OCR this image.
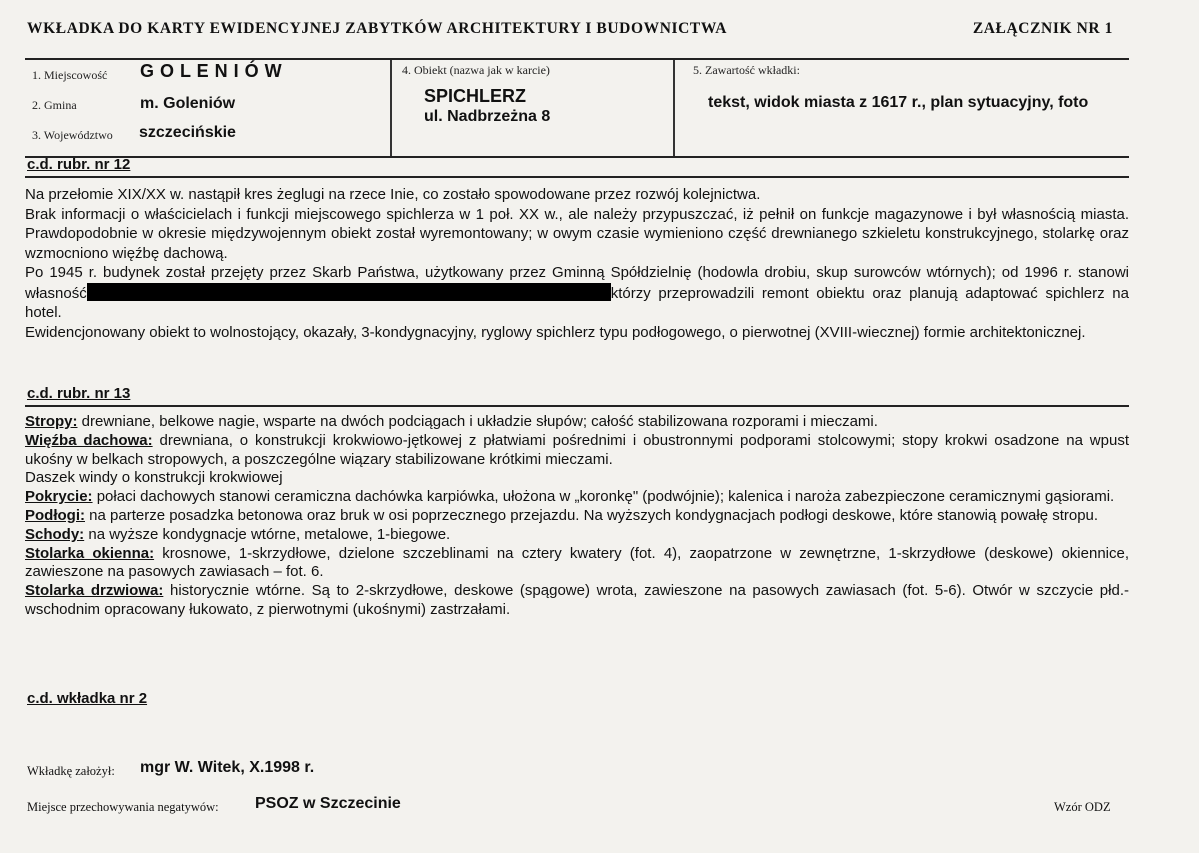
WKŁADKA DO KARTY EWIDENCYJNEJ ZABYTKÓW ARCHITEKTURY I BUDOWNICTWA	ZAŁĄCZNIK NR 1
1. Miejscowość G O L E N I Ó W
2. Gmina	m. Goleniów
3. Województwo szczecińskie
4. Obiekt (nazwa jak w karcie)
SPICHLERZ
ul. Nadbrzeżna 8
5. Zawartość wkładki:
tekst, widok miasta z 1617 r., plan sytuacyjny, foto
c.d. rubr. nr 12

Na przełomie XIX/XX w. nastąpił kres żeglugi na rzece Inie, co zostało spowodowane przez rozwój kolejnictwa.

Brak informacji o właścicielach i funkcji miejscowego spichlerza w 1 poł. XX w., ale należy przypuszczać, iż pełnił on funkcje magazynowe i był własnością miasta. Prawdopodobnie w okresie międzywojennym obiekt został wyremontowany; w owym czasie wymieniono część drewnianego szkieletu konstrukcyjnego, stolarkę oraz wzmocniono więźbę dachową.

Po 1945 r. budynek został przejęty przez Skarb Państwa, użytkowany przez Gminną Spółdzielnię (hodowla drobiu, skup surowców wtórnych); od 1996 r. stanowi własność	którzy przeprowadzili remont obiektu oraz planują adaptować spichlerz na hotel.

Ewidencjonowany obiekt to wolnostojący, okazały, 3-kondygnacyjny, ryglowy spichlerz typu podłogowego, o pierwotnej (XVIII-wiecznej) formie architektonicznej.

c.d. rubr. nr 13

Stropy: drewniane, belkowe nagie, wsparte na dwóch podciągach i układzie słupów; całość stabilizowana rozporami i mieczami.

Więźba dachowa: drewniana, o konstrukcji krokwiowo-jętkowej z płatwiami pośrednimi i obustronnymi podporami stolcowymi; stopy krokwi osadzone na wpust ukośny w belkach stropowych, a poszczególne wiązary stabilizowane krótkimi mieczami.

Daszek windy o konstrukcji krokwiowej

Pokrycie: połaci dachowych stanowi ceramiczna dachówka karpiówka, ułożona w „koronkę" (podwójnie); kalenica i naroża zabezpieczone ceramicznymi gąsiorami.

Podłogi: na parterze posadzka betonowa oraz bruk w osi poprzecznego przejazdu. Na wyższych kondygnacjach podłogi deskowe, które stanowią powałę stropu.

Schody: na wyższe kondygnacje wtórne, metalowe, 1-biegowe.

Stolarka okienna: krosnowe, 1-skrzydłowe, dzielone szczeblinami na cztery kwatery (fot. 4), zaopatrzone w zewnętrzne, 1-skrzydłowe (deskowe) okiennice, zawieszone na pasowych zawiasach – fot. 6.

Stolarka drzwiowa: historycznie wtórne. Są to 2-skrzydłowe, deskowe (spągowe) wrota, zawieszone na pasowych zawiasach (fot. 5-6). Otwór w szczycie płd.-wschodnim opracowany łukowato, z pierwotnymi (ukośnymi) zastrzałami.

c.d. wkładka nr 2
Wkładkę założył: mgr W. Witek, X.1998 r.
Miejsce przechowywania negatywów: PSOZ w Szczecinie	Wzór ODZ
